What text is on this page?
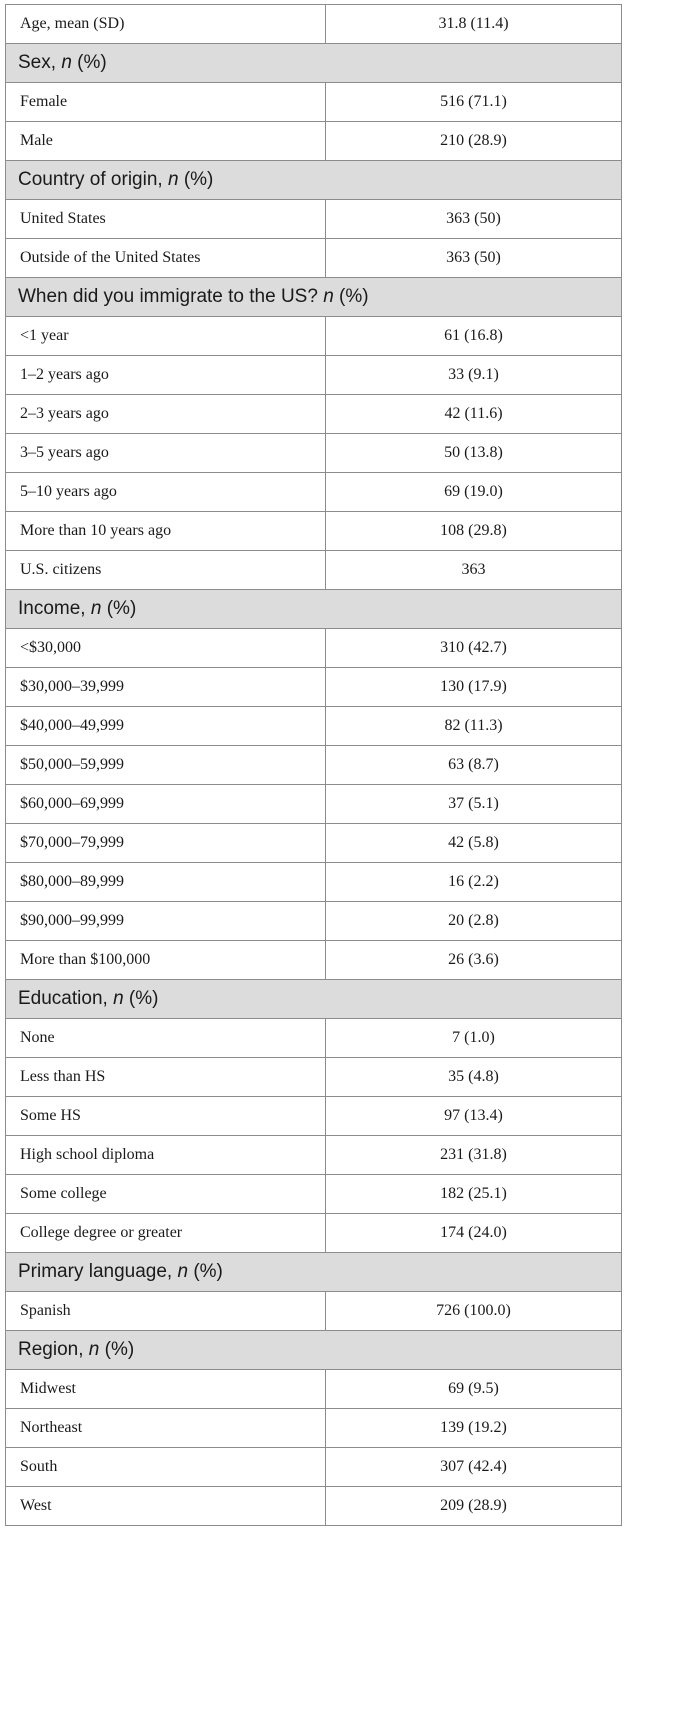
Age, mean (SD)	31.8 (11.4)
Sex, n (%)	
Female	516 (71.1)
Male	210 (28.9)
Country of origin, n (%)	
United States	363 (50)
Outside of the United States	363 (50)
When did you immigrate to the US? n (%)	
<1 year	61 (16.8)
1–2 years ago	33 (9.1)
2–3 years ago	42 (11.6)
3–5 years ago	50 (13.8)
5–10 years ago	69 (19.0)
More than 10 years ago	108 (29.8)
U.S. citizens	363
Income, n (%)	
<$30,000	310 (42.7)
$30,000–39,999	130 (17.9)
$40,000–49,999	82 (11.3)
$50,000–59,999	63 (8.7)
$60,000–69,999	37 (5.1)
$70,000–79,999	42 (5.8)
$80,000–89,999	16 (2.2)
$90,000–99,999	20 (2.8)
More than $100,000	26 (3.6)
Education, n (%)	
None	7 (1.0)
Less than HS	35 (4.8)
Some HS	97 (13.4)
High school diploma	231 (31.8)
Some college	182 (25.1)
College degree or greater	174 (24.0)
Primary language, n (%)	
Spanish	726 (100.0)
Region, n (%)	
Midwest	69 (9.5)
Northeast	139 (19.2)
South	307 (42.4)
West	209 (28.9)
